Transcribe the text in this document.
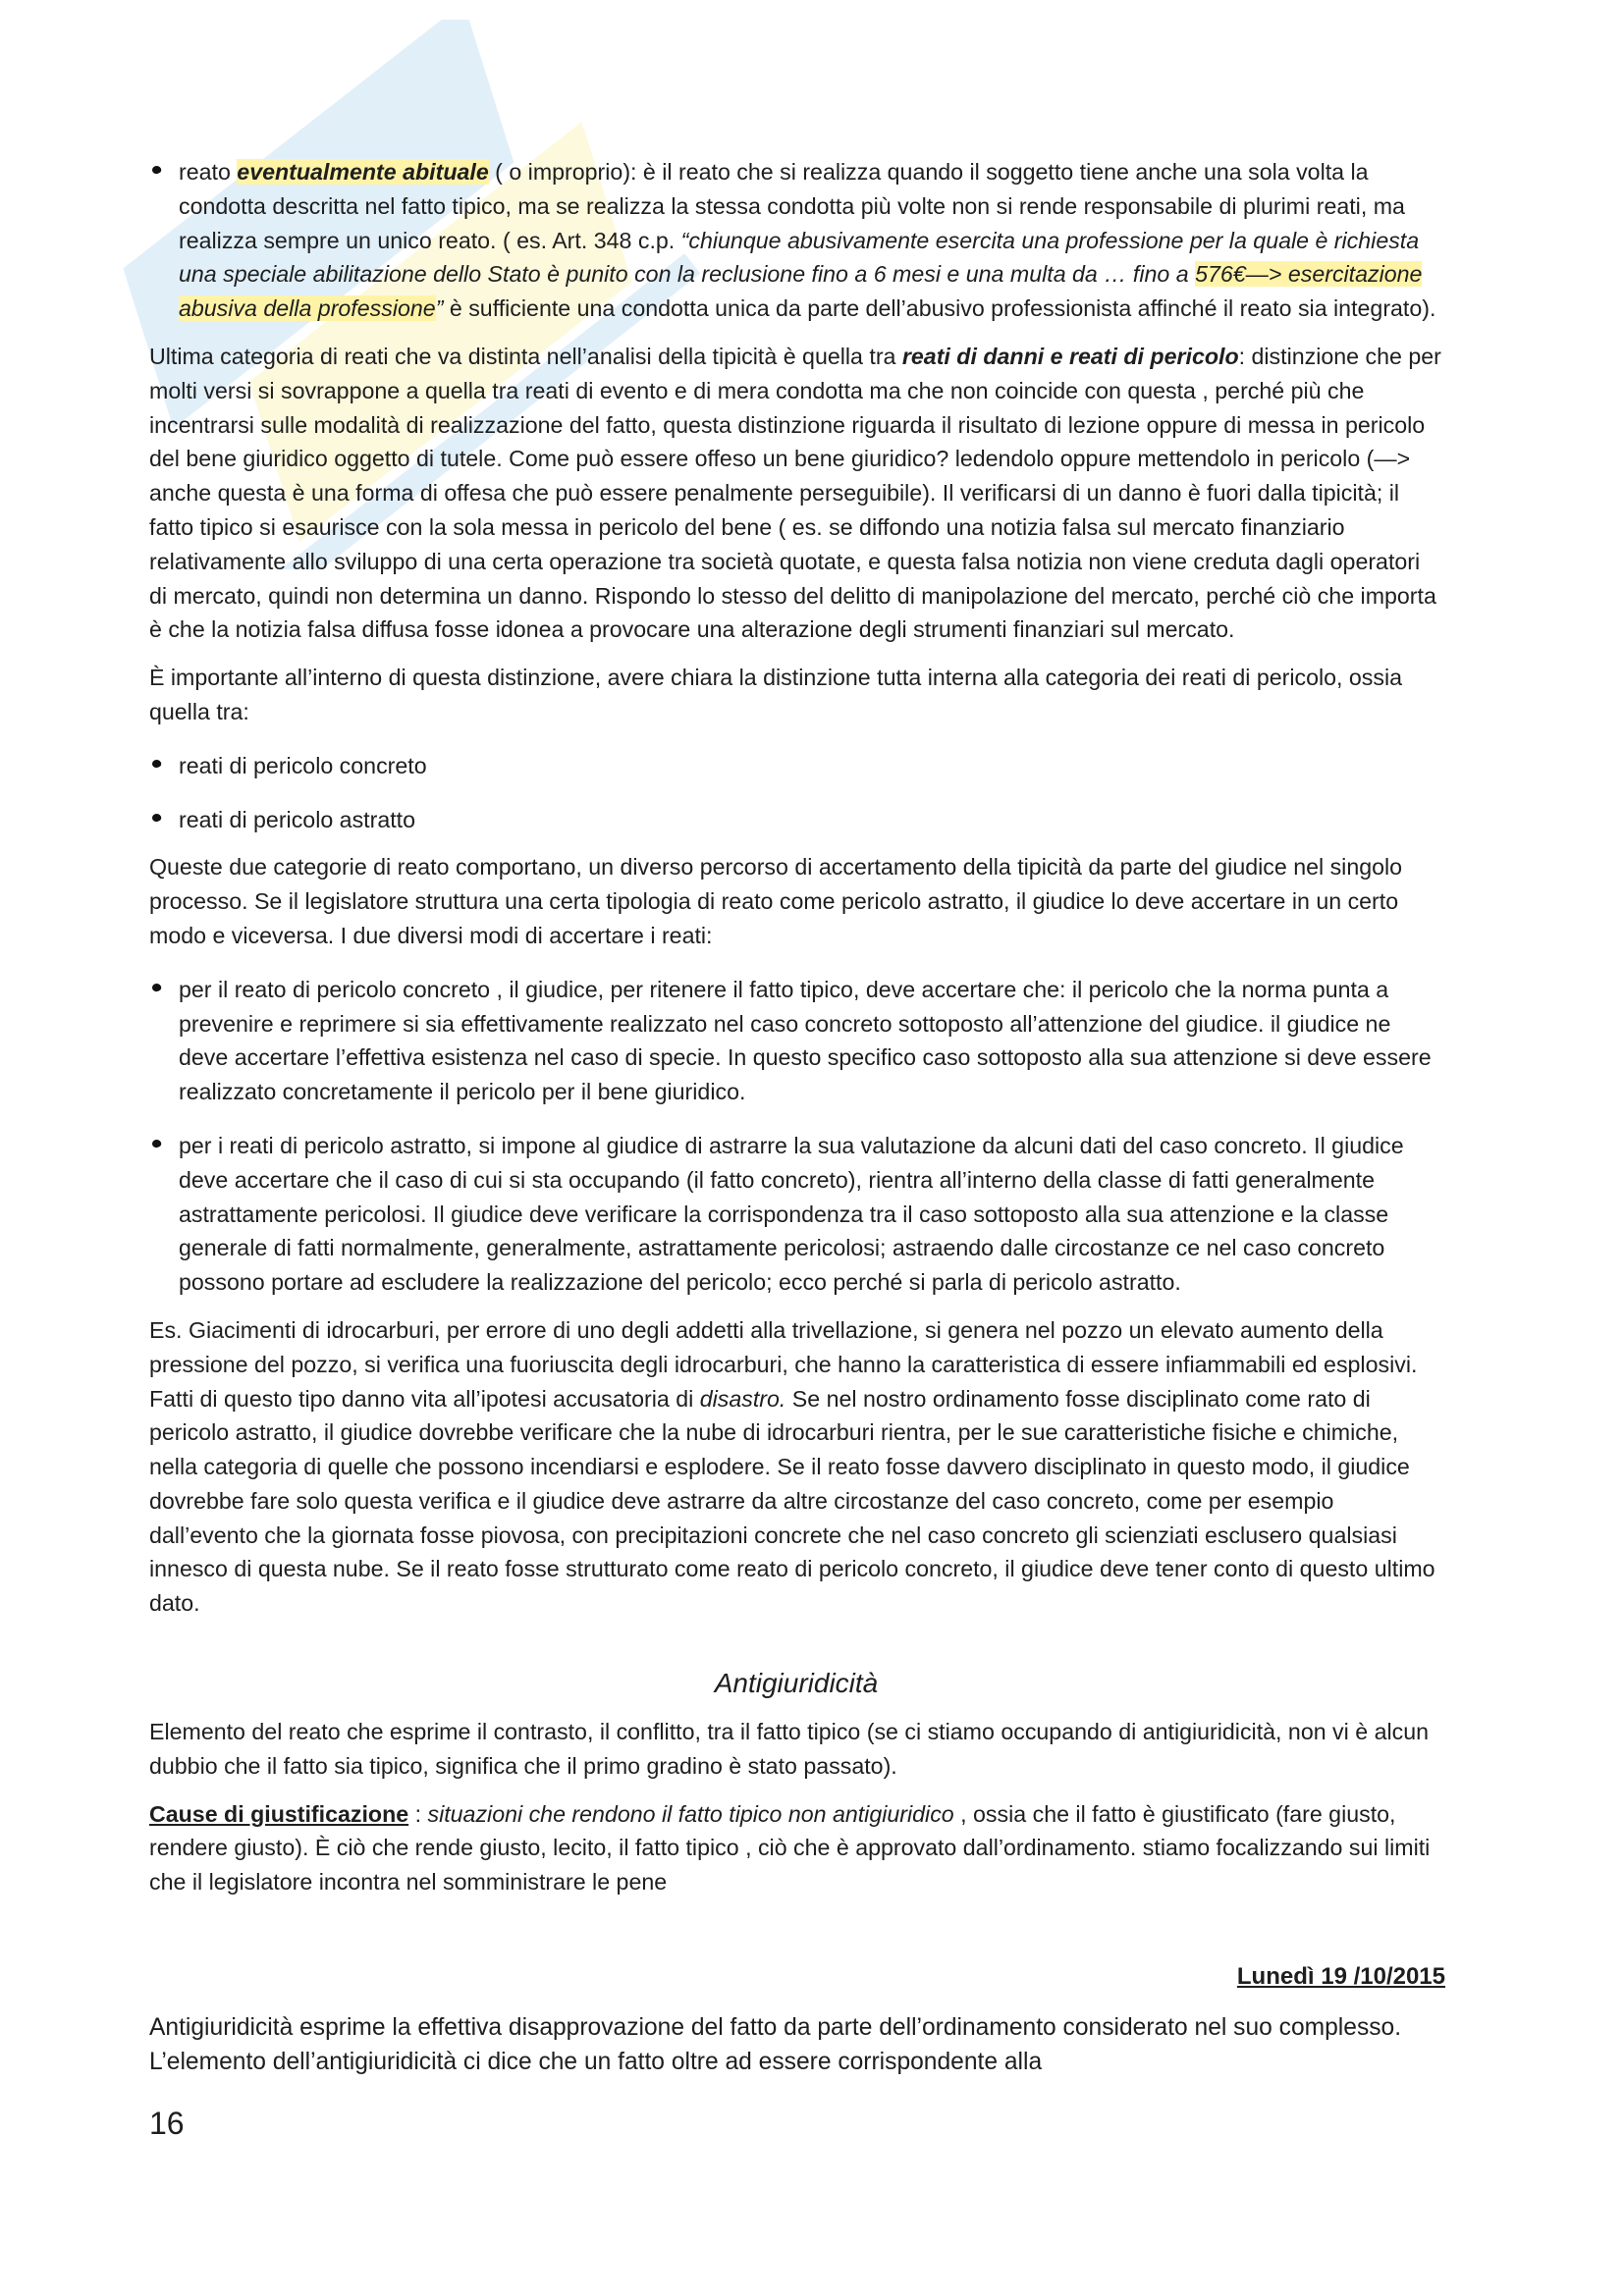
reato eventualmente abituale ( o improprio): è il reato che si realizza quando il soggetto tiene anche una sola volta la condotta descritta nel fatto tipico, ma se realizza la stessa condotta più volte non si rende responsabile di plurimi reati, ma realizza sempre un unico reato. ( es. Art. 348 c.p. “chiunque abusivamente esercita una professione per la quale è richiesta una speciale abilitazione dello Stato è punito con la reclusione fino a 6 mesi e una multa da … fino a 576€—> esercitazione abusiva della professione” è sufficiente una condotta unica da parte dell’abusivo professionista affinché il reato sia integrato).

Ultima categoria di reati che va distinta nell’analisi della tipicità è quella tra reati di danni e reati di pericolo: distinzione che per molti versi si sovrappone a quella tra reati di evento e di mera condotta ma che non coincide con questa , perché più che incentrarsi sulle modalità di realizzazione del fatto, questa distinzione riguarda il risultato di lezione oppure di messa in pericolo del bene giuridico oggetto di tutele. Come può essere offeso un bene giuridico? ledendolo oppure mettendolo in pericolo (—> anche questa è una forma di offesa che può essere penalmente perseguibile). Il verificarsi di un danno è fuori dalla tipicità; il fatto tipico si esaurisce con la sola messa in pericolo del bene ( es. se diffondo una notizia falsa sul mercato finanziario relativamente allo sviluppo di una certa operazione tra società quotate, e questa falsa notizia non viene creduta dagli operatori di mercato, quindi non determina un danno. Rispondo lo stesso del delitto di manipolazione del mercato, perché ciò che importa è che la notizia falsa diffusa fosse idonea a provocare una alterazione degli strumenti finanziari sul mercato.

È importante all’interno di questa distinzione, avere chiara la distinzione tutta interna alla categoria dei reati di pericolo, ossia quella tra:

reati di pericolo concreto
reati di pericolo astratto

Queste due categorie di reato comportano, un diverso percorso di accertamento della tipicità da parte del giudice nel singolo processo. Se il legislatore struttura una certa tipologia di reato come pericolo astratto, il giudice lo deve accertare in un certo modo e viceversa. I due diversi modi di accertare i reati:

per il reato di pericolo concreto , il giudice, per ritenere il fatto tipico, deve accertare che: il pericolo che la norma punta a prevenire e reprimere si sia effettivamente realizzato nel caso concreto sottoposto all’attenzione del giudice. il giudice ne deve accertare l’effettiva esistenza nel caso di specie. In questo specifico caso sottoposto alla sua attenzione si deve essere realizzato concretamente il pericolo per il bene giuridico.
per i reati di pericolo astratto, si impone al giudice di astrarre la sua valutazione da alcuni dati del caso concreto. Il giudice deve accertare che il caso di cui si sta occupando (il fatto concreto), rientra all’interno della classe di fatti generalmente astrattamente pericolosi. Il giudice deve verificare la corrispondenza tra il caso sottoposto alla sua attenzione e la classe generale di fatti normalmente, generalmente, astrattamente pericolosi; astraendo dalle circostanze ce nel caso concreto possono portare ad escludere la realizzazione del pericolo; ecco perché si parla di pericolo astratto.

Es. Giacimenti di idrocarburi, per errore di uno degli addetti alla trivellazione, si genera nel pozzo un elevato aumento della pressione del pozzo, si verifica una fuoriuscita degli idrocarburi, che hanno la caratteristica di essere infiammabili ed esplosivi. Fatti di questo tipo danno vita all’ipotesi accusatoria di disastro. Se nel nostro ordinamento fosse disciplinato come rato di pericolo astratto, il giudice dovrebbe verificare che la nube di idrocarburi rientra, per le sue caratteristiche fisiche e chimiche, nella categoria di quelle che possono incendiarsi e esplodere. Se il reato fosse davvero disciplinato in questo modo, il giudice dovrebbe fare solo questa verifica e il giudice deve astrarre da altre circostanze del caso concreto, come per esempio dall’evento che la giornata fosse piovosa, con precipitazioni concrete che nel caso concreto gli scienziati esclusero qualsiasi innesco di questa nube. Se il reato fosse strutturato come reato di pericolo concreto, il giudice deve tener conto di questo ultimo dato.

Antigiuridicità

Elemento del reato che esprime il contrasto, il conflitto, tra il fatto tipico (se ci stiamo occupando di antigiuridicità, non vi è alcun dubbio che il fatto sia tipico, significa che il primo gradino è stato passato).

Cause di giustificazione : situazioni che rendono il fatto tipico non antigiuridico , ossia che il fatto è giustificato (fare giusto, rendere giusto). È ciò che rende giusto, lecito, il fatto tipico , ciò che è approvato dall’ordinamento. stiamo focalizzando sui limiti che il legislatore incontra nel somministrare le pene

Lunedì 19 /10/2015

Antigiuridicità esprime la effettiva disapprovazione del fatto da parte dell’ordinamento considerato nel suo complesso. L’elemento dell’antigiuridicità ci dice che un fatto oltre ad essere corrispondente alla

16
